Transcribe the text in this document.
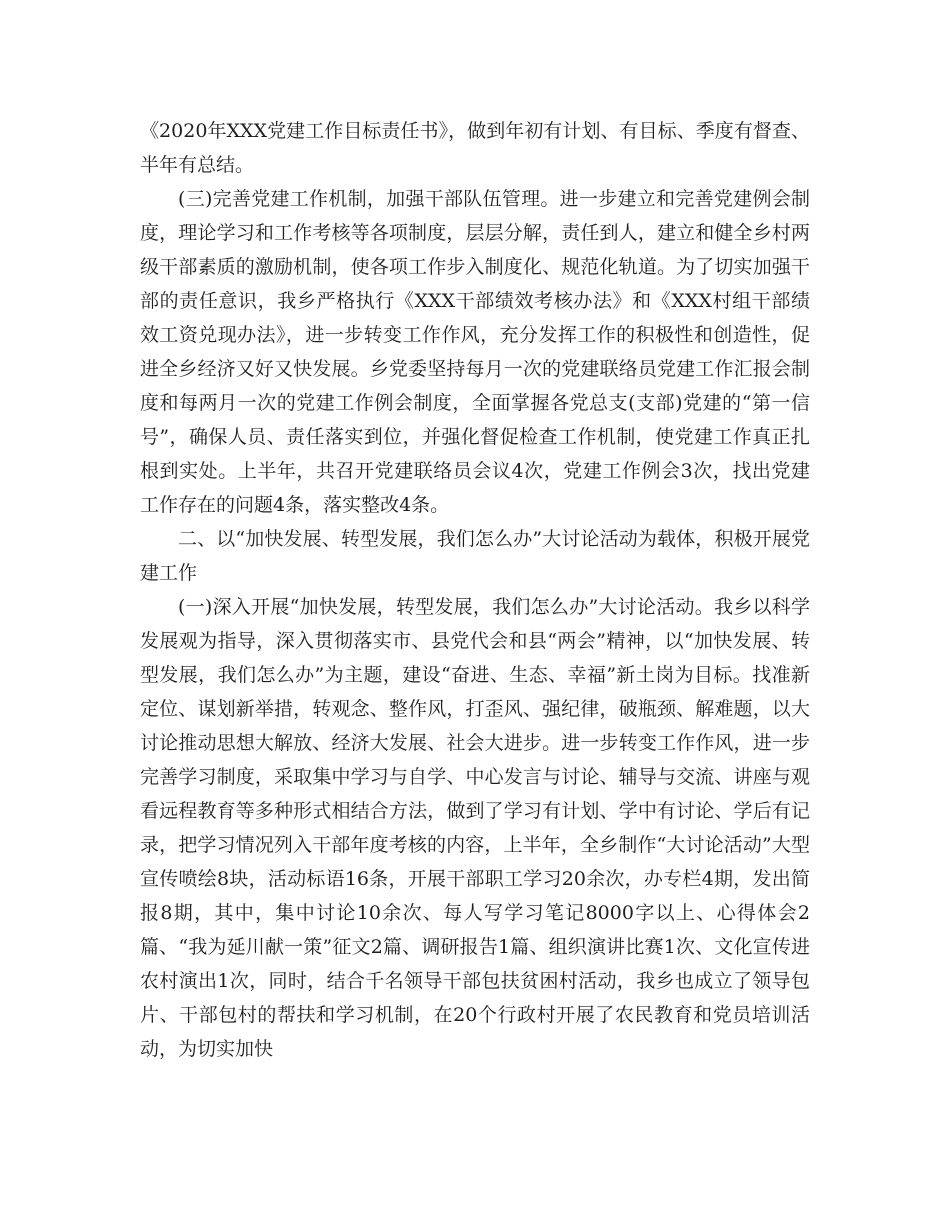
《2020年XXX党建工作目标责任书》，做到年初有计划、有目标、季度有督查、半年有总结。

(三)完善党建工作机制，加强干部队伍管理。进一步建立和完善党建例会制度，理论学习和工作考核等各项制度，层层分解，责任到人，建立和健全乡村两级干部素质的激励机制，使各项工作步入制度化、规范化轨道。为了切实加强干部的责任意识，我乡严格执行《XXX干部绩效考核办法》和《XXX村组干部绩效工资兑现办法》，进一步转变工作作风，充分发挥工作的积极性和创造性，促进全乡经济又好又快发展。乡党委坚持每月一次的党建联络员党建工作汇报会制度和每两月一次的党建工作例会制度，全面掌握各党总支(支部)党建的“第一信号”，确保人员、责任落实到位，并强化督促检查工作机制，使党建工作真正扎根到实处。上半年，共召开党建联络员会议4次，党建工作例会3次，找出党建工作存在的问题4条，落实整改4条。

二、以“加快发展、转型发展，我们怎么办”大讨论活动为载体，积极开展党建工作

(一)深入开展“加快发展，转型发展，我们怎么办”大讨论活动。我乡以科学发展观为指导，深入贯彻落实市、县党代会和县“两会”精神，以“加快发展、转型发展，我们怎么办”为主题，建设“奋进、生态、幸福”新土岗为目标。找准新定位、谋划新举措，转观念、整作风，打歪风、强纪律，破瓶颈、解难题，以大讨论推动思想大解放、经济大发展、社会大进步。进一步转变工作作风，进一步完善学习制度，采取集中学习与自学、中心发言与讨论、辅导与交流、讲座与观看远程教育等多种形式相结合方法，做到了学习有计划、学中有讨论、学后有记录，把学习情况列入干部年度考核的内容，上半年，全乡制作“大讨论活动”大型宣传喷绘8块，活动标语16条，开展干部职工学习20余次，办专栏4期，发出简报8期，其中，集中讨论10余次、每人写学习笔记8000字以上、心得体会2篇、“我为延川献一策”征文2篇、调研报告1篇、组织演讲比赛1次、文化宣传进农村演出1次，同时，结合千名领导干部包扶贫困村活动，我乡也成立了领导包片、干部包村的帮扶和学习机制，在20个行政村开展了农民教育和党员培训活动，为切实加快
